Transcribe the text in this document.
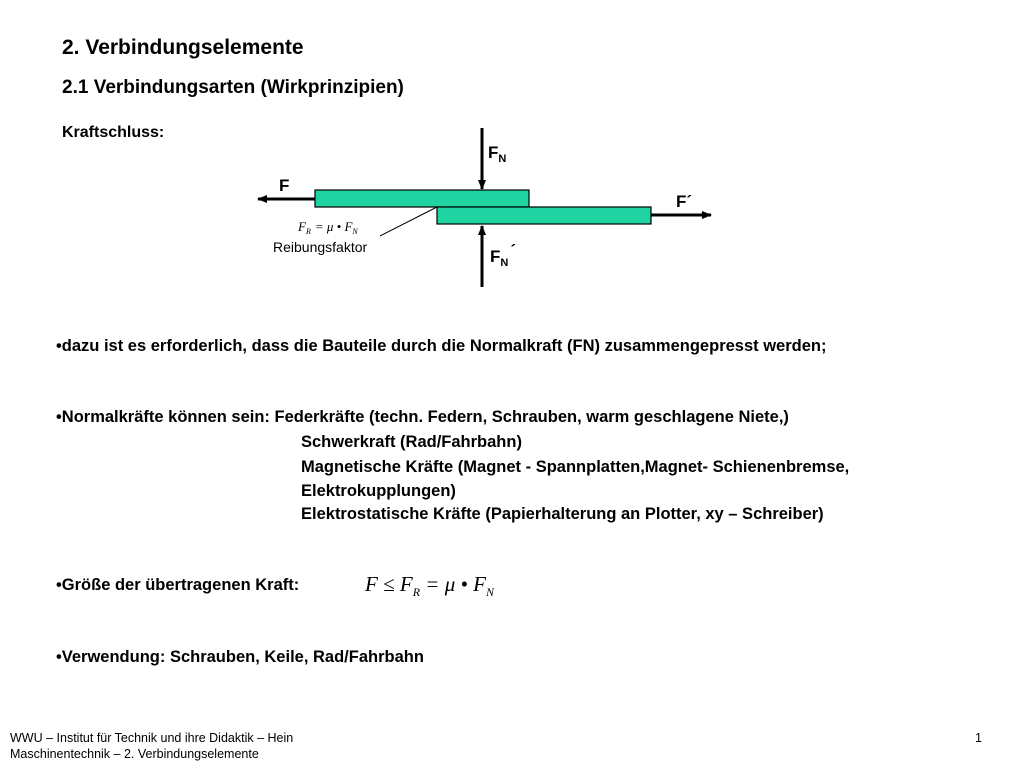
2. Verbindungselemente
2.1 Verbindungsarten (Wirkprinzipien)
Kraftschluss:
F
F´
$F_N$
$F_N´$
$F_R = \mu$ • $F_N$
Reibungsfaktor
•dazu ist es erforderlich, dass die Bauteile durch die Normalkraft (FN) zusammengepresst werden;
•Normalkräfte können sein: Federkräfte (techn. Federn, Schrauben, warm geschlagene Niete,)
Schwerkraft (Rad/Fahrbahn)
Magnetische Kräfte (Magnet - Spannplatten,Magnet- Schienenbremse,
Elektrokupplungen)
Elektrostatische Kräfte (Papierhalterung an Plotter, xy – Schreiber)
•Größe der übertragenen Kraft:	$F \le F_R = \mu$ • $F_N$
•Verwendung: Schrauben, Keile, Rad/Fahrbahn
WWU – Institut für Technik und ihre Didaktik – Hein
Maschinentechnik – 2. Verbindungselemente
1
